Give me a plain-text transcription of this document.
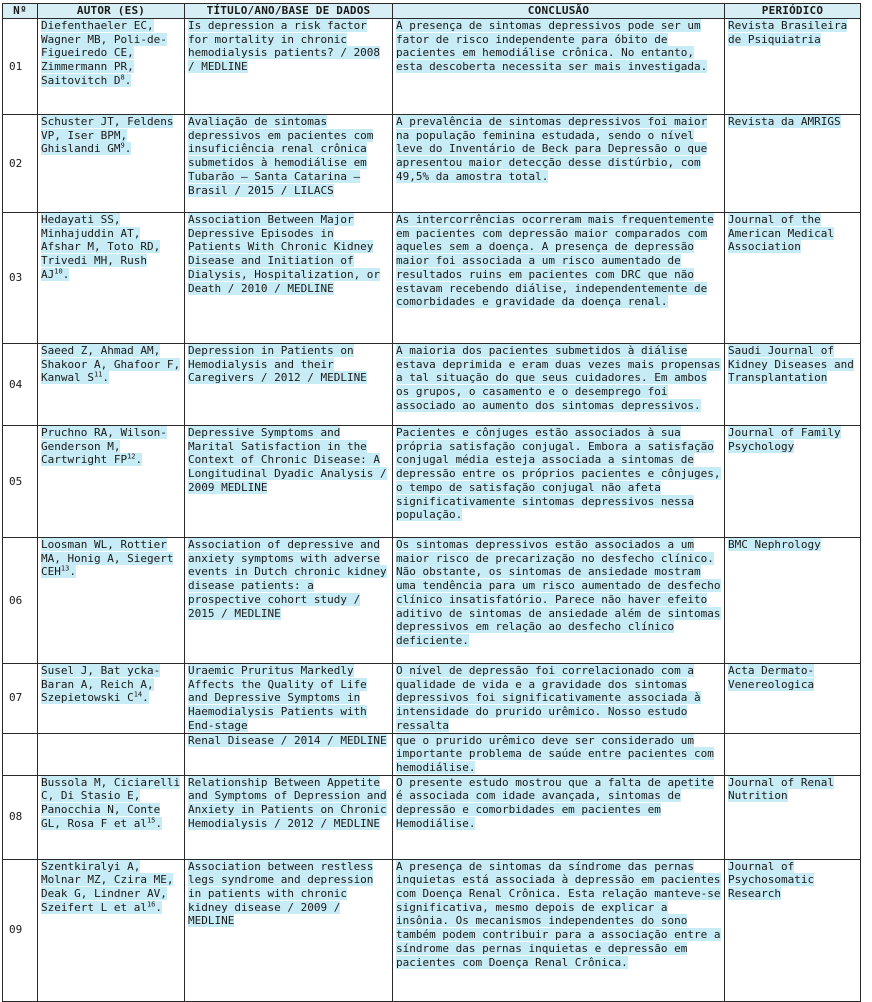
Nº	AUTOR (ES)	TÍTULO/ANO/BASE DE DADOS	CONCLUSÃO	PERIÓDICO
01	Diefenthaeler EC, Wagner MB, Poli-de-Figueiredo CE, Zimmermann PR, Saitovitch $D^8$.	Is depression a risk factor for mortality in chronic hemodialysis patients? / 2008 / MEDLINE	A presença de sintomas depressivos pode ser um fator de risco independente para óbito de pacientes em hemodiálise crônica. No entanto, esta descoberta necessita ser mais investigada.	Revista Brasileira de Psiquiatria
02	Schuster JT, Feldens VP, Iser BPM, Ghislandi $GM^9$.	Avaliação de sintomas depressivos em pacientes com insuficiência renal crônica submetidos à hemodiálise em Tubarão – Santa Catarina – Brasil / 2015 / LILACS	A prevalência de sintomas depressivos foi maior na população feminina estudada, sendo o nível leve do Inventário de Beck para Depressão o que apresentou maior detecção desse distúrbio, com 49,5% da amostra total.	Revista da AMRIGS
03	Hedayati SS, Minhajuddin AT, Afshar M, Toto RD, Trivedi MH, Rush AJ$^{10}$.	Association Between Major Depressive Episodes in Patients With Chronic Kidney Disease and Initiation of Dialysis, Hospitalization, or Death / 2010 / MEDLINE	As intercorrências ocorreram mais frequentemente em pacientes com depressão maior comparados com aqueles sem a doença. A presença de depressão maior foi associada a um risco aumentado de resultados ruins em pacientes com DRC que não estavam recebendo diálise, independentemente de comorbidades e gravidade da doença renal.	Journal of the American Medical Association
04	Saeed Z, Ahmad AM, Shakoor A, Ghafoor F, Kanwal $S^{11}$.	Depression in Patients on Hemodialysis and their Caregivers / 2012 / MEDLINE	A maioria dos pacientes submetidos à diálise estava deprimida e eram duas vezes mais propensas a tal situação do que seus cuidadores. Em ambos os grupos, o casamento e o desemprego foi associado ao aumento dos sintomas depressivos.	Saudi Journal of Kidney Diseases and Transplantation
05	Pruchno RA, Wilson-Genderson M, Cartwright FP$^{12}$.	Depressive Symptoms and Marital Satisfaction in the Context of Chronic Disease: A Longitudinal Dyadic Analysis / 2009 MEDLINE	Pacientes e cônjuges estão associados à sua própria satisfação conjugal. Embora a satisfação conjugal média esteja associada a sintomas de depressão entre os próprios pacientes e cônjuges, o tempo de satisfação conjugal não afeta significativamente sintomas depressivos nessa população.	Journal of Family Psychology
06	Loosman WL, Rottier MA, Honig A, Siegert CEH$^{13}$.	Association of depressive and anxiety symptoms with adverse events in Dutch chronic kidney disease patients: a prospective cohort study / 2015 / MEDLINE	Os sintomas depressivos estão associados a um maior risco de precarização no desfecho clínico. Não obstante, os sintomas de ansiedade mostram uma tendência para um risco aumentado de desfecho clínico insatisfatório. Parece não haver efeito aditivo de sintomas de ansiedade além de sintomas depressivos em relação ao desfecho clínico deficiente.	BMC Nephrology
07	Susel J, Bat ycka-Baran A, Reich A, Szepietowski $C^{14}$.	Uraemic Pruritus Markedly Affects the Quality of Life and Depressive Symptoms in Haemodialysis Patients with End-stage	O nível de depressão foi correlacionado com a qualidade de vida e a gravidade dos sintomas depressivos foi significativamente associada à intensidade do prurido urêmico. Nosso estudo ressalta	Acta Dermato-Venereologica
		Renal Disease / 2014 / MEDLINE	que o prurido urêmico deve ser considerado um importante problema de saúde entre pacientes com hemodiálise.	
08	Bussola M, Ciciarelli C, Di Stasio E, Panocchia N, Conte GL, Rosa F et $al^{15}$.	Relationship Between Appetite and Symptoms of Depression and Anxiety in Patients on Chronic Hemodialysis / 2012 / MEDLINE	O presente estudo mostrou que a falta de apetite é associada com idade avançada, sintomas de depressão e comorbidades em pacientes em Hemodiálise.	Journal of Renal Nutrition
09	Szentkiralyi A, Molnar MZ, Czira ME, Deak G, Lindner AV, Szeifert L et $al^{16}$.	Association between restless legs syndrome and depression in patients with chronic kidney disease / 2009 / MEDLINE	A presença de sintomas da síndrome das pernas inquietas está associada à depressão em pacientes com Doença Renal Crônica. Esta relação manteve-se significativa, mesmo depois de explicar a insônia. Os mecanismos independentes do sono também podem contribuir para a associação entre a síndrome das pernas inquietas e depressão em pacientes com Doença Renal Crônica.	Journal of Psychosomatic Research
